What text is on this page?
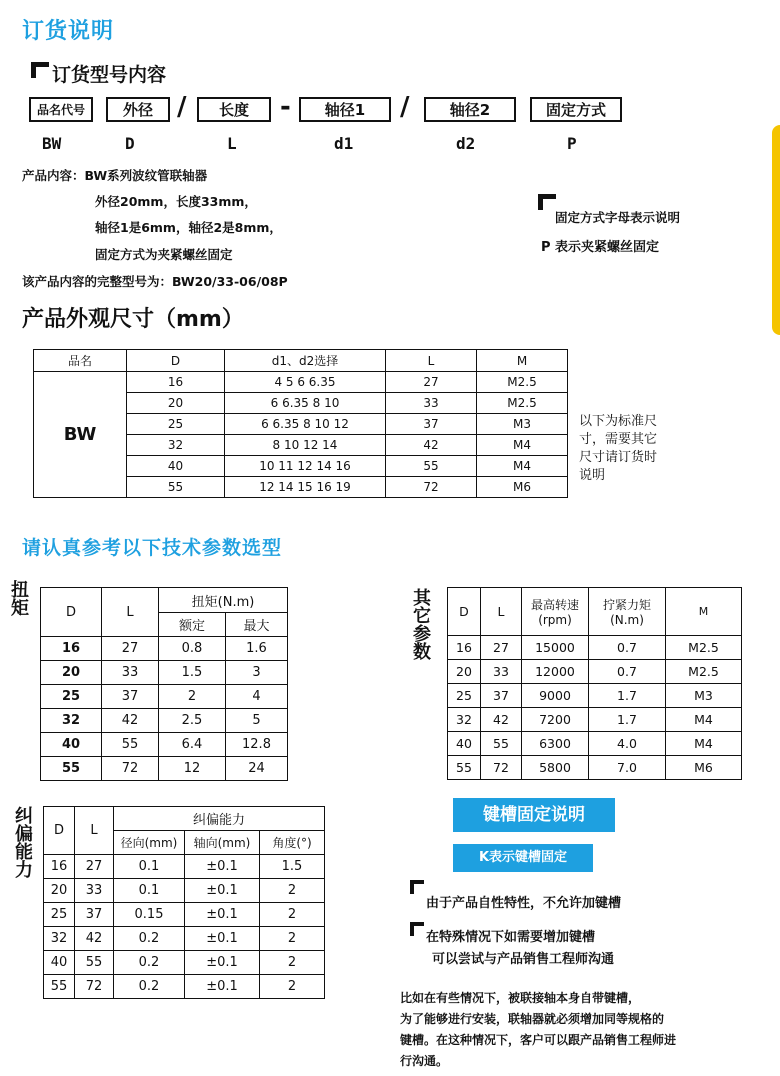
订货说明
订货型号内容
品名代号	外径 /	长度	-	轴径1	/	轴径2	固定方式
BW	D	L	d1	d2	P
产品内容：BW系列波纹管联轴器
外径20mm，长度33mm，
轴径1是6mm，轴径2是8mm，
固定方式为夹紧螺丝固定
该产品内容的完整型号为：BW20/33-06/08P
固定方式字母表示说明
P 表示夹紧螺丝固定
产品外观尺寸（mm）
品名	D	d1、d2选择	L	M
BW	16	4 5 6 6.35	27	M2.5
	20	6 6.35 8 10	33	M2.5
	25	6 6.35 8 10 12	37	M3
	32	8 10 12 14	42	M4
	40	10 11 12 14 16	55	M4
	55	12 14 15 16 19	72	M6
以下为标准尺
寸，需要其它
尺寸请订货时
说明
请认真参考以下技术参数选型
扭矩	D	L	扭矩(N.m)	
		额定	最大
16	27	0.8	1.6
20	33	1.5	3
25	37	2	4
32	42	2.5	5
40	55	6.4	12.8
55	72	12	24
其它参数 D	L	最高转速 (rpm)	拧紧力矩 (N.m)	M
16	27	15000	0.7	M2.5
20	33	12000	0.7	M2.5
25	37	9000	1.7	M3
32	42	7200	1.7	M4
40	55	6300	4.0	M4
55	72	5800	7.0	M6
纠偏能力 D	L	纠偏能力		
		径向(mm)	轴向(mm)	角度(°)
16	27	0.1	±0.1	1.5
20	33	0.1	±0.1	2
25	37	0.15	±0.1	2
32	42	0.2	±0.1	2
40	55	0.2	±0.1	2
55	72	0.2	±0.1	2
键槽固定说明
K表示键槽固定
由于产品自性特性，不允许加键槽
在特殊情况下如需要增加键槽
可以尝试与产品销售工程师沟通
比如在有些情况下，被联接轴本身自带键槽，
为了能够进行安装，联轴器就必须增加同等规格的
键槽。在这种情况下，客户可以跟产品销售工程师进
行沟通。
